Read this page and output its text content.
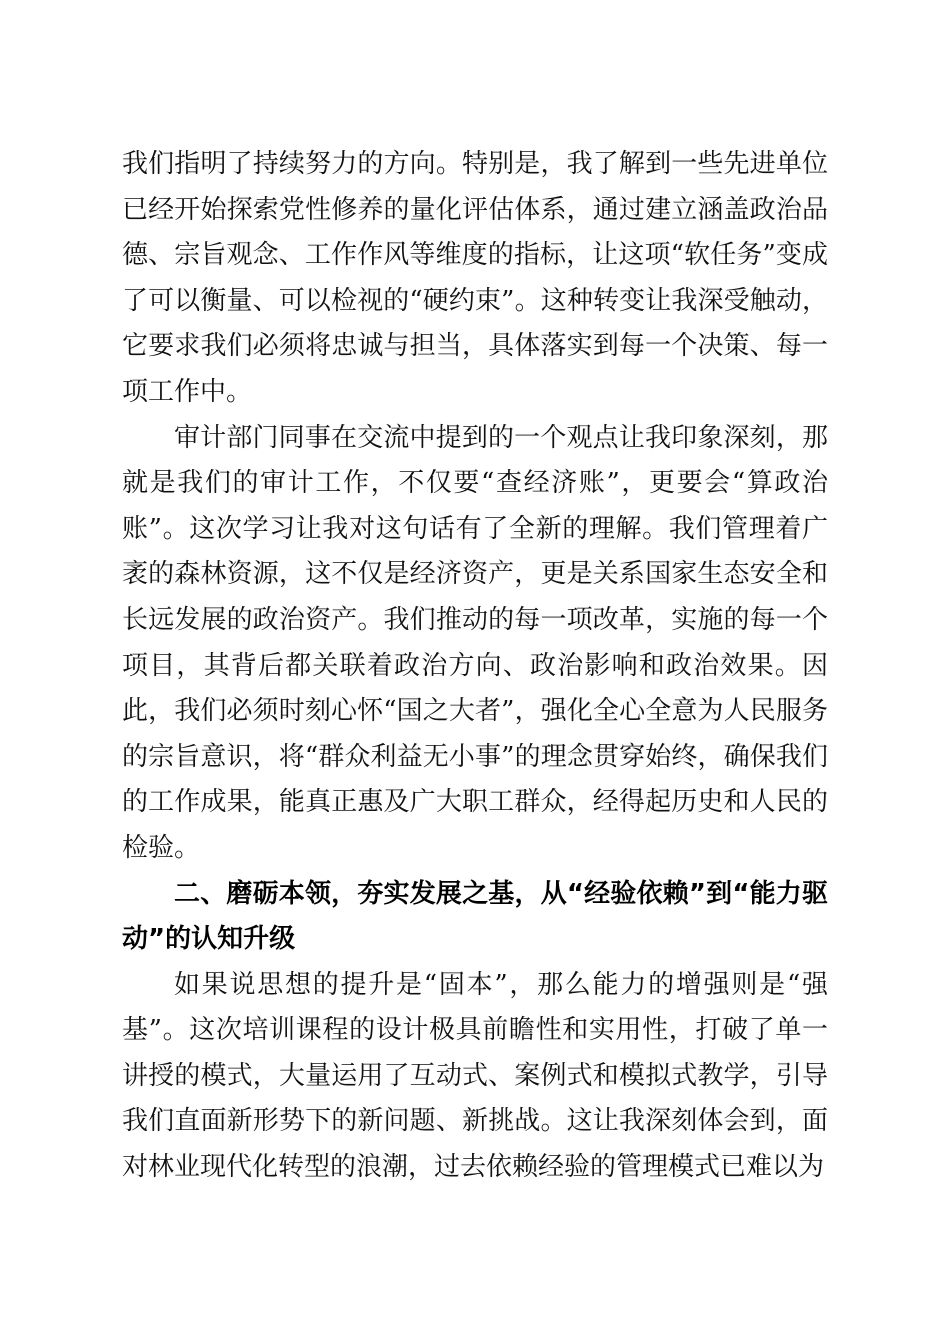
我们指明了持续努力的方向。特别是，我了解到一些先进单位已经开始探索党性修养的量化评估体系，通过建立涵盖政治品德、宗旨观念、工作作风等维度的指标，让这项“软任务”变成了可以衡量、可以检视的“硬约束”。这种转变让我深受触动，它要求我们必须将忠诚与担当，具体落实到每一个决策、每一项工作中。

审计部门同事在交流中提到的一个观点让我印象深刻，那就是我们的审计工作，不仅要“查经济账”，更要会“算政治账”。这次学习让我对这句话有了全新的理解。我们管理着广袤的森林资源，这不仅是经济资产，更是关系国家生态安全和长远发展的政治资产。我们推动的每一项改革，实施的每一个项目，其背后都关联着政治方向、政治影响和政治效果。因此，我们必须时刻心怀“国之大者”，强化全心全意为人民服务的宗旨意识，将“群众利益无小事”的理念贯穿始终，确保我们的工作成果，能真正惠及广大职工群众，经得起历史和人民的检验。

二、磨砺本领，夯实发展之基，从“经验依赖”到“能力驱动”的认知升级

如果说思想的提升是“固本”，那么能力的增强则是“强基”。这次培训课程的设计极具前瞻性和实用性，打破了单一讲授的模式，大量运用了互动式、案例式和模拟式教学，引导我们直面新形势下的新问题、新挑战。这让我深刻体会到，面对林业现代化转型的浪潮，过去依赖经验的管理模式已难以为
